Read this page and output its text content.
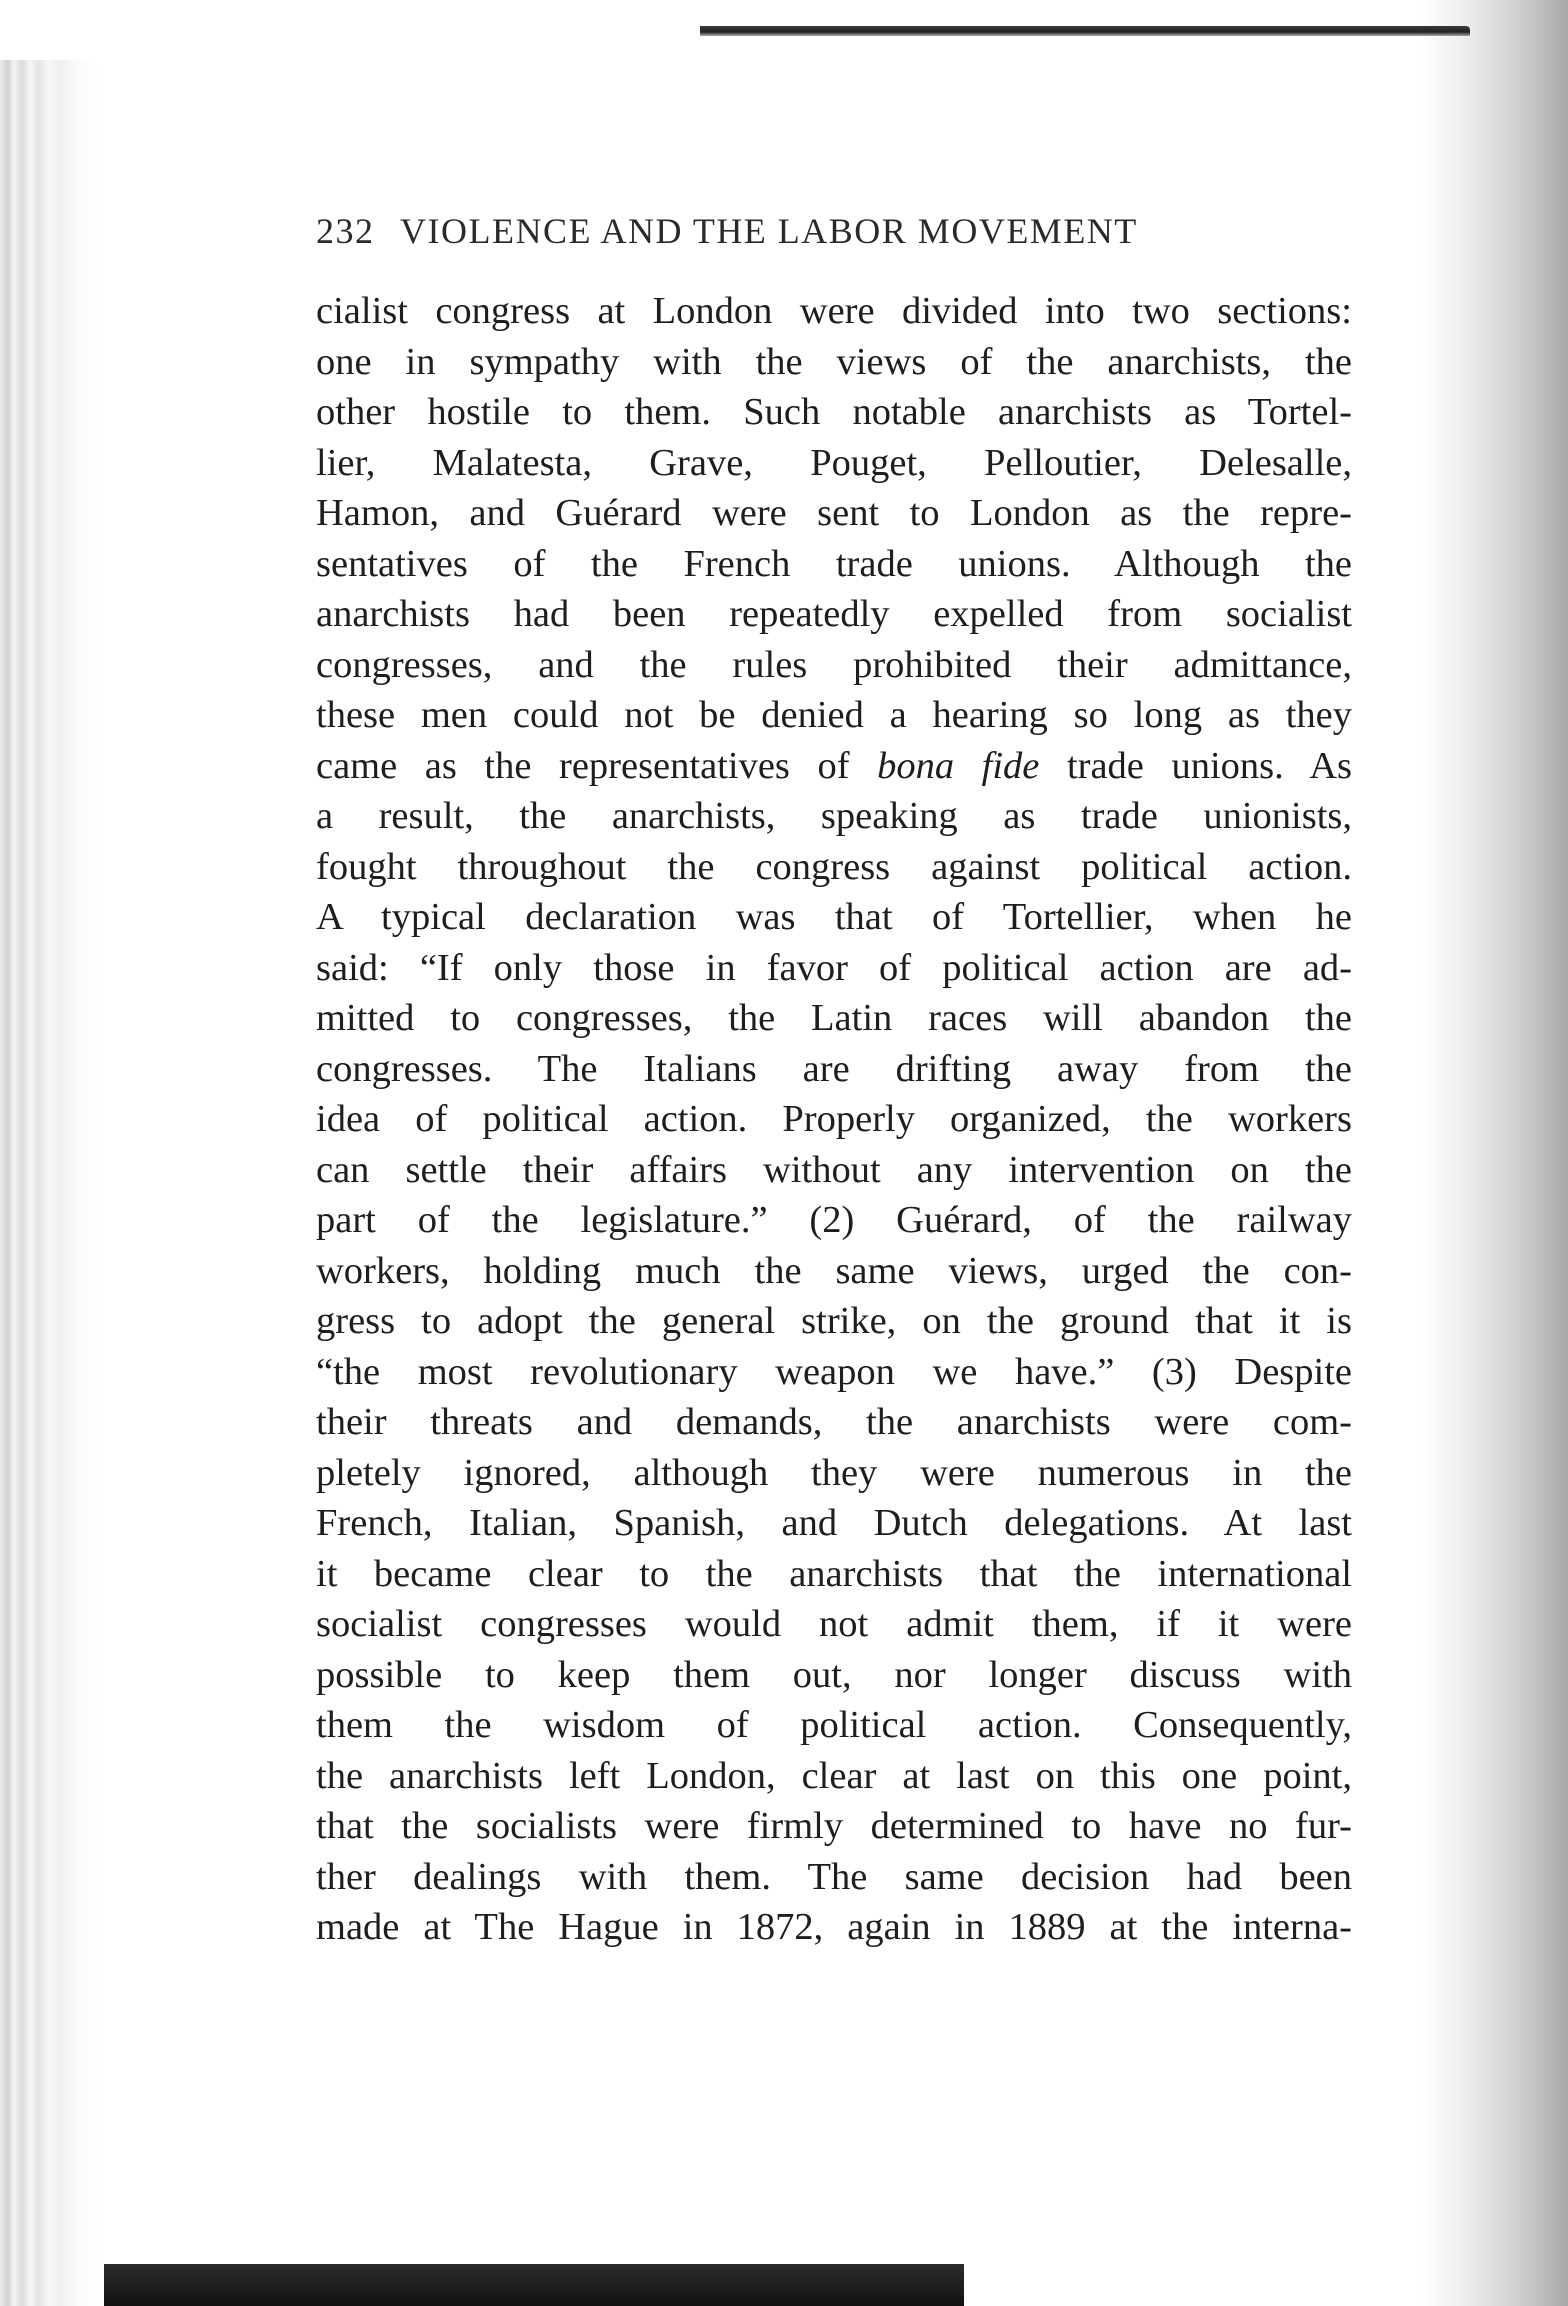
232 VIOLENCE AND THE LABOR MOVEMENT

cialist congress at London were divided into two sections:
one in sympathy with the views of the anarchists, the
other hostile to them. Such notable anarchists as Tortel-
lier, Malatesta, Grave, Pouget, Pelloutier, Delesalle,
Hamon, and Guérard were sent to London as the repre-
sentatives of the French trade unions. Although the
anarchists had been repeatedly expelled from socialist
congresses, and the rules prohibited their admittance,
these men could not be denied a hearing so long as they
came as the representatives of bona fide trade unions. As
a result, the anarchists, speaking as trade unionists,
fought throughout the congress against political action.
A typical declaration was that of Tortellier, when he
said: “If only those in favor of political action are ad-
mitted to congresses, the Latin races will abandon the
congresses. The Italians are drifting away from the
idea of political action. Properly organized, the workers
can settle their affairs without any intervention on the
part of the legislature.” (2) Guérard, of the railway
workers, holding much the same views, urged the con-
gress to adopt the general strike, on the ground that it is
“the most revolutionary weapon we have.” (3) Despite
their threats and demands, the anarchists were com-
pletely ignored, although they were numerous in the
French, Italian, Spanish, and Dutch delegations. At last
it became clear to the anarchists that the international
socialist congresses would not admit them, if it were
possible to keep them out, nor longer discuss with
them the wisdom of political action. Consequently,
the anarchists left London, clear at last on this one point,
that the socialists were firmly determined to have no fur-
ther dealings with them. The same decision had been
made at The Hague in 1872, again in 1889 at the interna-
